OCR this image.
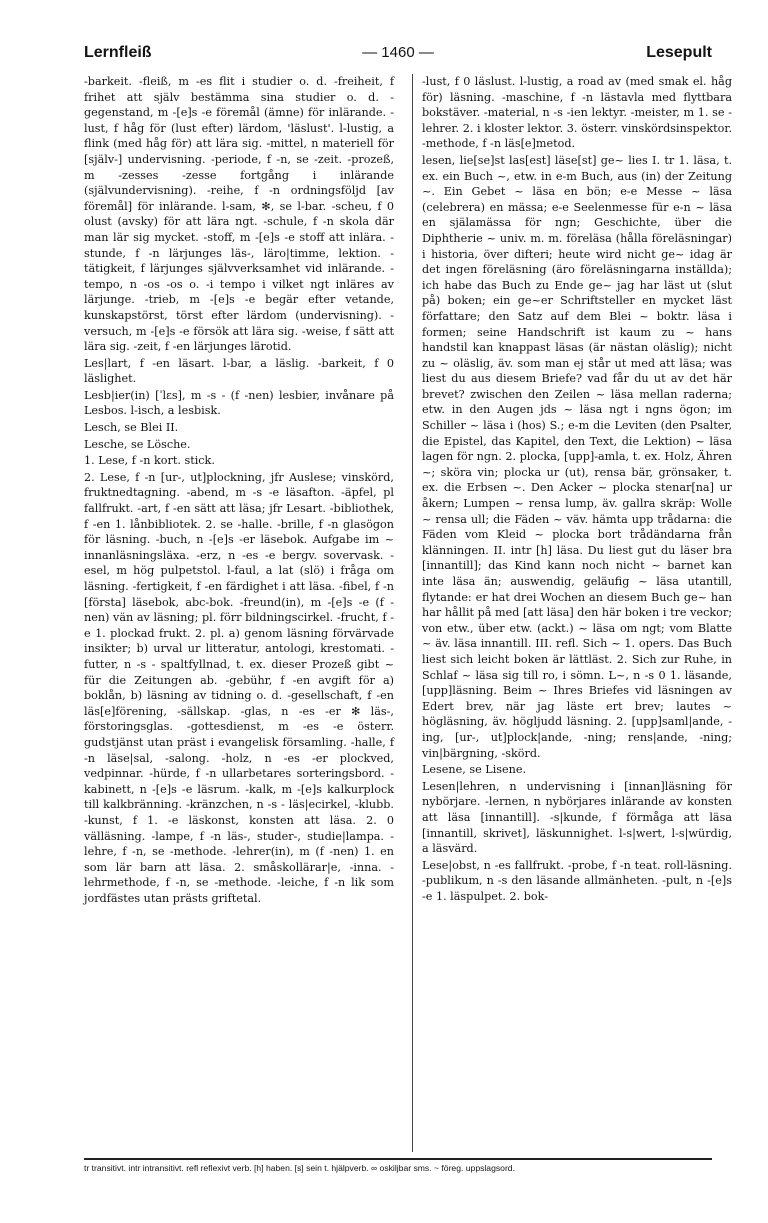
Lernfleiß	— 1460 —	Lesepult

-barkeit. -fleiß, m -es flit i studier o. d. -freiheit, f frihet att själv bestämma sina studier o. d. -gegenstand, m -[e]s -e föremål (ämne) för inlärande. -lust, f håg för (lust efter) lärdom, 'läslust'. l-lustig, a flink (med håg för) att lära sig. -mittel, n materiell för [själv-] undervisning. -periode, f -n, se -zeit. -prozeß, m -zesses -zesse fortgång i inlärande (självundervisning). -reihe, f -n ordningsföljd [av föremål] för inlärande. l-sam, ✻, se l-bar. -scheu, f 0 olust (avsky) för att lära ngt. -schule, f -n skola där man lär sig mycket. -stoff, m -[e]s -e stoff att inlära. -stunde, f -n lärjunges läs-, läro|timme, lektion. -tätigkeit, f lärjunges självverksamhet vid inlärande. -tempo, n -os -os o. -i tempo i vilket ngt inläres av lärjunge. -trieb, m -[e]s -e begär efter vetande, kunskapstörst, törst efter lärdom (undervisning). -versuch, m -[e]s -e försök att lära sig. -weise, f sätt att lära sig. -zeit, f -en lärjunges lärotid.

Les|lart, f -en läsart. l-bar, a läslig. -barkeit, f 0 läslighet.

Lesb|ier(in) [ˈlɛs], m -s - (f -nen) lesbier, invånare på Lesbos. l-isch, a lesbisk.

Lesch, se Blei II.

Lesche, se Lösche.

1. Lese, f -n kort. stick.

2. Lese, f -n [ur-, ut]plockning, jfr Auslese; vinskörd, fruktnedtagning. -abend, m -s -e läsafton. -äpfel, pl fallfrukt. -art, f -en sätt att läsa; jfr Lesart. -bibliothek, f -en 1. lånbibliotek. 2. se -halle. -brille, f -n glasögon för läsning. -buch, n -[e]s -er läsebok. Aufgabe im ~ innanläsningsläxa. -erz, n -es -e bergv. sovervask. -esel, m hög pulpetstol. l-faul, a lat (slö) i fråga om läsning. -fertigkeit, f -en färdighet i att läsa. -fibel, f -n [första] läsebok, abc-bok. -freund(in), m -[e]s -e (f -nen) vän av läsning; pl. förr bildningscirkel. -frucht, f -e 1. plockad frukt. 2. pl. a) genom läsning förvärvade insikter; b) urval ur litteratur, antologi, krestomati. -futter, n -s - spaltfyllnad, t. ex. dieser Prozeß gibt ~ für die Zeitungen ab. -gebühr, f -en avgift för a) boklån, b) läsning av tidning o. d. -gesellschaft, f -en läs[e]förening, -sällskap. -glas, n -es -er ✻ läs-, förstoringsglas. -gottesdienst, m -es -e österr. gudstjänst utan präst i evangelisk församling. -halle, f -n läse|sal, -salong. -holz, n -es -er plockved, vedpinnar. -hürde, f -n ullarbetares sorteringsbord. -kabinett, n -[e]s -e läsrum. -kalk, m -[e]s kalkurplock till kalkbränning. -kränzchen, n -s - läs|ecirkel, -klubb. -kunst, f 1. -e läskonst, konsten att läsa. 2. 0 välläsning. -lampe, f -n läs-, studer-, studie|lampa. -lehre, f -n, se -methode. -lehrer(in), m (f -nen) 1. en som lär barn att läsa. 2. småskollärar|e, -inna. -lehrmethode, f -n, se -methode. -leiche, f -n lik som jordfästes utan prästs griftetal.

-lust, f 0 läslust. l-lustig, a road av (med smak el. håg för) läsning. -maschine, f -n lästavla med flyttbara bokstäver. -material, n -s -ien lektyr. -meister, m 1. se -lehrer. 2. i kloster lektor. 3. österr. vinskördsinspektor. -methode, f -n läs[e]metod.

lesen, lie[se]st las[est] läse[st] ge~ lies I. tr 1. läsa, t. ex. ein Buch ~, etw. in e-m Buch, aus (in) der Zeitung ~. Ein Gebet ~ läsa en bön; e-e Messe ~ läsa (celebrera) en mässa; e-e Seelenmesse für e-n ~ läsa en själamässa för ngn; Geschichte, über die Diphtherie ~ univ. m. m. föreläsa (hålla föreläsningar) i historia, över difteri; heute wird nicht ge~ idag är det ingen föreläsning (äro föreläsningarna inställda); ich habe das Buch zu Ende ge~ jag har läst ut (slut på) boken; ein ge~er Schriftsteller en mycket läst författare; den Satz auf dem Blei ~ boktr. läsa i formen; seine Handschrift ist kaum zu ~ hans handstil kan knappast läsas (är nästan oläslig); nicht zu ~ oläslig, äv. som man ej står ut med att läsa; was liest du aus diesem Briefe? vad får du ut av det här brevet? zwischen den Zeilen ~ läsa mellan raderna; etw. in den Augen jds ~ läsa ngt i ngns ögon; im Schiller ~ läsa i (hos) S.; e-m die Leviten (den Psalter, die Epistel, das Kapitel, den Text, die Lektion) ~ läsa lagen för ngn. 2. plocka, [upp]-amla, t. ex. Holz, Ähren ~; sköra vin; plocka ur (ut), rensa bär, grönsaker, t. ex. die Erbsen ~. Den Acker ~ plocka stenar[na] ur åkern; Lumpen ~ rensa lump, äv. gallra skräp: Wolle ~ rensa ull; die Fäden ~ väv. hämta upp trådarna: die Fäden vom Kleid ~ plocka bort trådändarna från klänningen. II. intr [h] läsa. Du liest gut du läser bra [innantill]; das Kind kann noch nicht ~ barnet kan inte läsa än; auswendig, geläufig ~ läsa utantill, flytande: er hat drei Wochen an diesem Buch ge~ han har hållit på med [att läsa] den här boken i tre veckor; von etw., über etw. (ackt.) ~ läsa om ngt; vom Blatte ~ äv. läsa innantill. III. refl. Sich ~ 1. opers. Das Buch liest sich leicht boken är lättläst. 2. Sich zur Ruhe, in Schlaf ~ läsa sig till ro, i sömn. L~, n -s 0 1. läsande, [upp]läsning. Beim ~ Ihres Briefes vid läsningen av Edert brev, när jag läste ert brev; lautes ~ högläsning, äv. högljudd läsning. 2. [upp]saml|ande, -ing, [ur-, ut]plock|ande, -ning; rens|ande, -ning; vin|bärgning, -skörd.

Lesene, se Lisene.

Lesen|lehren, n undervisning i [innan]läsning för nybörjare. -lernen, n nybörjares inlärande av konsten att läsa [innantill]. -s|kunde, f förmåga att läsa [innantill, skrivet], läskunnighet. l-s|wert, l-s|würdig, a läsvärd.

Lese|obst, n -es fallfrukt. -probe, f -n teat. roll-läsning. -publikum, n -s den läsande allmänheten. -pult, n -[e]s -e 1. läspulpet. 2. bok-

tr transitivt. intr intransitivt. refl reflexivt verb. [h] haben. [s] sein t. hjälpverb. ∞ oskiljbar sms. ~ föreg. uppslagsord.
